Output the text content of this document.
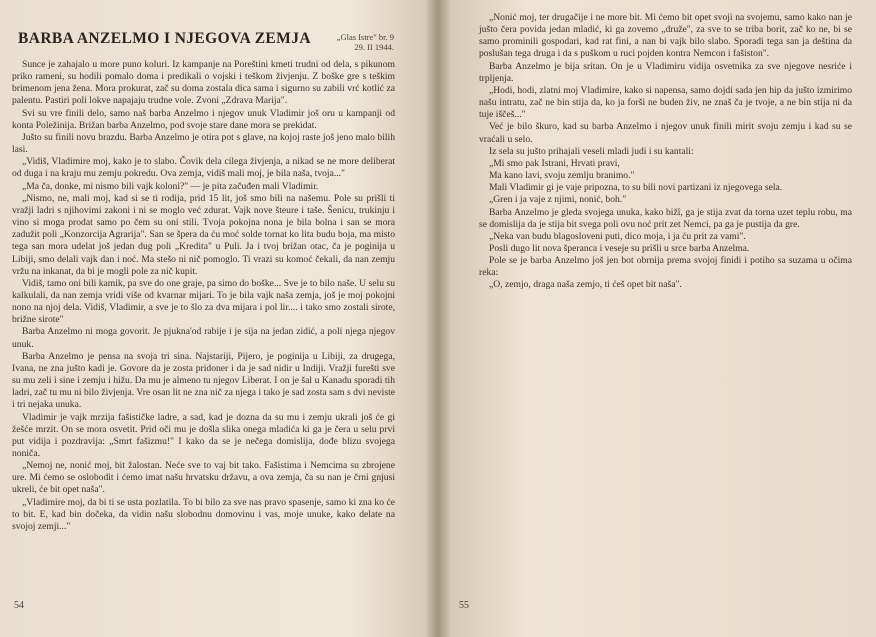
BARBA ANZELMO I NJEGOVA ZEMJA	„Glas Istre" br. 9
29. II 1944.

Sunce je zahajalo u more puno koluri. Iz kampanje na Poreštini kmeti trudni od dela, s pikunom priko rameni, su hodili pomalo doma i predikali o vojski i teškom živjenju. Z boške gre s teškim brimenom jena žena. Mora prokurat, zač su doma zostala dica sama i sigurno su zabili vrć kotlić za palentu. Pastiri poli lokve napajaju trudne vole. Zvoni „Zdrava Marija".

Svi su vre finili delo, samo naš barba Anzelmo i njegov unuk Vladimir još oru u kampanji od konta Poležinija. Brižan barba Anzelmo, pod svoje stare dane mora se prekidat.

Jušto su finili novu brazdu. Barba Anzelmo je otira pot s glave, na kojoj raste još jeno malo bilih lasi.

„Vidiš, Vladimire moj, kako je to slabo. Čovik dela cilega živjenja, a nikad se ne more deliberat od duga i na kraju mu zemju pokredu. Ova zemja, vidiš mali moj, je bila naša, tvoja..."

„Ma ča, donke, mi nismo bili vajk koloni?" — je pita začuđen mali Vladimir.

„Nismo, ne, mali moj, kad si se ti rodija, prid 15 lit, još smo bili na našemu. Pole su prišli ti vražji ladri s njihovimi zakoni i ni se moglo već zdurat. Vajk nove šteure i taše. Šenicu, trukinju i vino si moga prodat samo po čem su oni stili. Tvoja pokojna nona je bila bolna i san se mora zadužit poli „Konzorcija Agrarija". San se špera da ću moć solde tornat ko lita budu boja, ma misto tega san mora udelat još jedan dug poli „Kredita" u Puli. Ja i tvoj brižan otac, ča je poginija u Libiji, smo delali vajk dan i noć. Ma stešo ni nič pomoglo. Ti vrazi su komoć čekali, da nan zemju vržu na inkanat, da bi je mogli pole za nič kupit.

Vidiš, tamo oni bili kamik, pa sve do one graje, pa simo do boške... Sve je to bilo naše. U selu su kalkulali, da nan zemja vridi više od kvarnar mijari. To je bila vajk naša zemja, još je moj pokojni nono na njoj dela. Vidiš, Vladimir, a sve je to šlo za dva mijara i pol lir.... i tako smo zostali sirote, brižne sirote"

Barba Anzelmo ni moga govorit. Je pjukna'od rabije i je sija na jedan zidić, a poli njega njegov unuk.

Barba Anzelmo je pensa na svoja tri sina. Najstariji, Pijero, je poginija u Libiji, za drugega, Ivana, ne zna jušto kadi je. Govore da je zosta pridoner i da je sad nidir u Indiji. Vražji furešti sve su mu zeli i sine i zemju i hižu. Da mu je almeno tu njegov Liberat. I on je šal u Kanadu sporadi tih ladri, zač tu mu ni bilo živjenja. Vre osan lit ne zna nič za njega i tako je sad zosta sam s dvi neviste i tri nejaka unuka.

Vladimir je vajk mrzija fašističke ladre, a sad, kad je dozna da su mu i zemju ukrali još će gi žešće mrzit. On se mora osvetit. Prid oči mu je došla slika onega mladića ki ga je čera u selu prvi put vidija i pozdravija: „Smrt fašizmu!" I kako da se je nečega domislija, dođe blizu svojega noniča.

„Nemoj ne, nonić moj, bit žalostan. Neće sve to vaj bit tako. Fašistima i Nemcima su zbrojene ure. Mi ćemo se oslobodit i ćemo imat našu hrvatsku državu, a ova zemja, ča su nan je črni gnjusi ukreli, će bit opet naša".

„Vladimire moj, da bi ti se usta pozlatila. To bi bilo za sve nas pravo spasenje, samo ki zna ko će to bit. E, kad bin dočeka, da vidin našu slobodnu domovinu i vas, moje unuke, kako delate na svojoj zemji..."

54

„Nonić moj, ter drugačije i ne more bit. Mi ćemo bit opet svoji na svojemu, samo kako nan je jušto čera povida jedan mladić, ki ga zovemo „druže", za sve to se triba borit, zač ko ne, bi se samo prominili gospodari, kad rat fini, a nan bi vajk bilo slabo. Sporadi tega san ja deština da poslušan tega druga i da s puškom u ruci pojden kontra Nemcon i fašiston".

Barba Anzelmo je bija sritan. On je u Vladimiru vidija osvetnika za sve njegove nesriće i trpljenja.

„Hodi, hodi, zlatni moj Vladimire, kako si napensa, samo dojdi sada jen hip da jušto izmirimo našu intratu, zač ne bin stija da, ko ja forši ne buden živ, ne znaš ča je tvoje, a ne bin stija ni da tuje iščeš..."

Već je bilo škuro, kad su barba Anzelmo i njegov unuk finili mirit svoju zemju i kad su se vraćali u selo.

Iz sela su jušto prihajali veseli mladi judi i su kantali:

„Mi smo pak Istrani, Hrvati pravi,

Ma kano lavi, svoju zemlju branimo."

Mali Vladimir gi je vaje pripozna, to su bili novi partizani iz njegovega sela.

„Gren i ja vaje z njimi, nonić, boh."

Barba Anzelmo je gleda svojega unuka, kako bižî, ga je stija zvat da torna uzet teplu robu, ma se domislija da je stija bit svega poli ovu noć prit zet Nemci, pa ga je pustija da gre.

„Neka van budu blagosloveni puti, dico moja, i ja ću prit za vami".

Posli dugo lit nova šperanca i veseje su prišli u srce barba Anzelma.

Pole se je barba Anzelmo još jen bot obrnija prema svojoj finidi i potiho sa suzama u očima reka:

„O, zemjo, draga naša zemjo, ti ćeš opet bit naša".

55
